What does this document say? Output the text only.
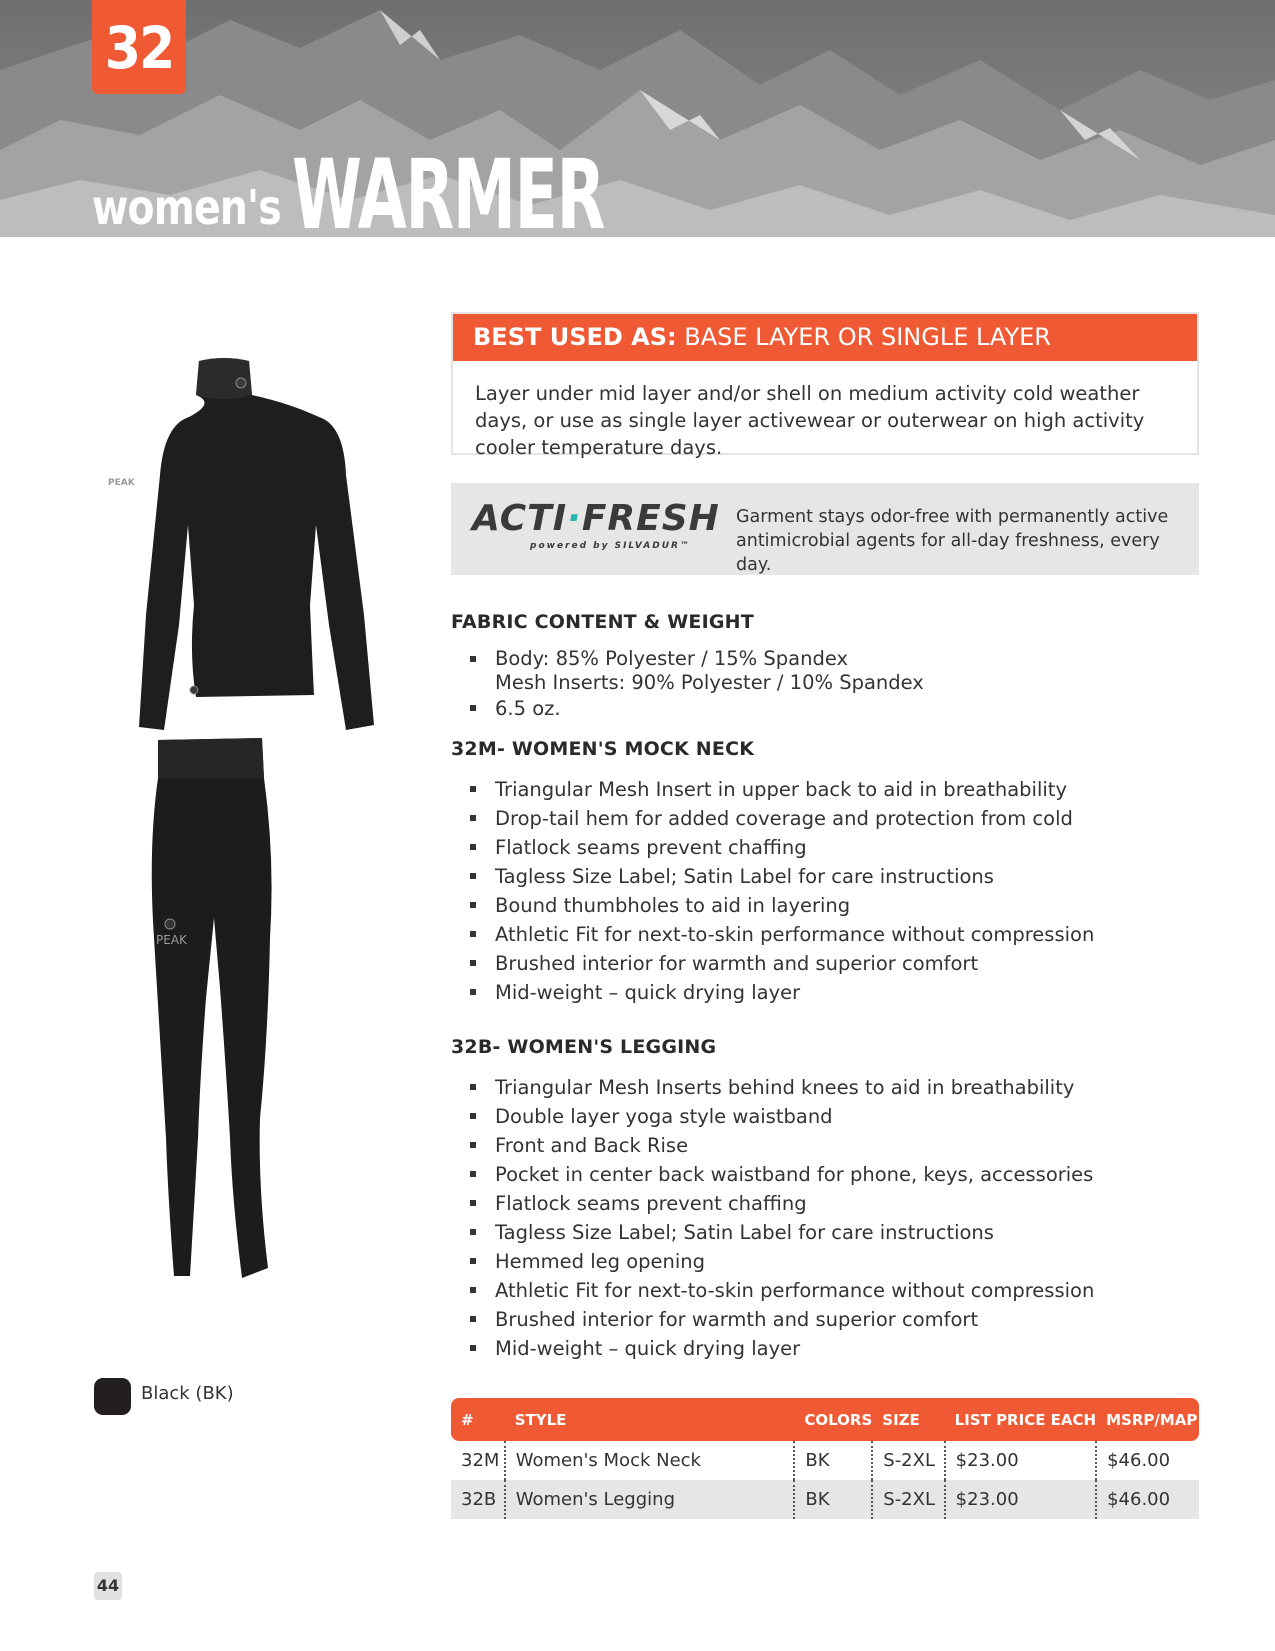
32
women's WARMER
PEAK
PEAK
BEST USED AS: BASE LAYER OR SINGLE LAYER
Layer under mid layer and/or shell on medium activity cold weather days, or use as single layer activewear or outerwear on high activity cooler temperature days.
ACTI·FRESH
powered by SILVADUR™
Garment stays odor-free with permanently active antimicrobial agents for all-day freshness, every day.
FABRIC CONTENT & WEIGHT
Body: 85% Polyester / 15% Spandex
Mesh Inserts: 90% Polyester / 10% Spandex
6.5 oz.
32M- WOMEN'S MOCK NECK
Triangular Mesh Insert in upper back to aid in breathability
Drop-tail hem for added coverage and protection from cold
Flatlock seams prevent chaffing
Tagless Size Label; Satin Label for care instructions
Bound thumbholes to aid in layering
Athletic Fit for next-to-skin performance without compression
Brushed interior for warmth and superior comfort
Mid-weight – quick drying layer
32B- WOMEN'S LEGGING
Triangular Mesh Inserts behind knees to aid in breathability
Double layer yoga style waistband
Front and Back Rise
Pocket in center back waistband for phone, keys, accessories
Flatlock seams prevent chaffing
Tagless Size Label; Satin Label for care instructions
Hemmed leg opening
Athletic Fit for next-to-skin performance without compression
Brushed interior for warmth and superior comfort
Mid-weight – quick drying layer
Black (BK)
#	STYLE	COLORS	SIZE	LIST PRICE EACH	MSRP/MAP
32M	Women's Mock Neck	BK	S-2XL	$23.00	$46.00
32B	Women's Legging	BK	S-2XL	$23.00	$46.00
44
